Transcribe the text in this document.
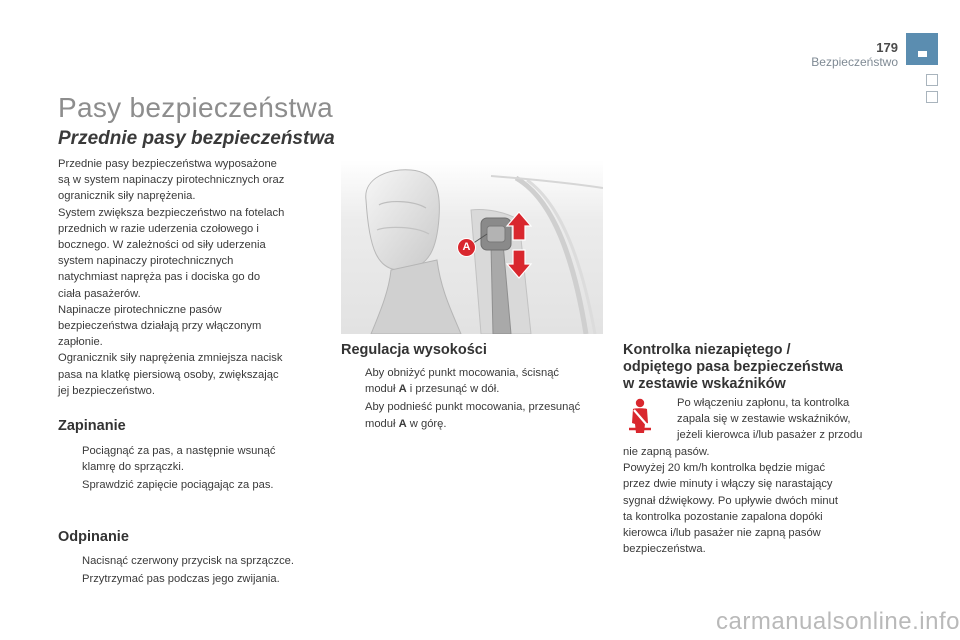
179
Bezpieczeństwo
Pasy bezpieczeństwa
Przednie pasy bezpieczeństwa
Przednie pasy bezpieczeństwa wyposażone
są w system napinaczy pirotechnicznych oraz
ogranicznik siły naprężenia.
System zwiększa bezpieczeństwo na fotelach
przednich w razie uderzenia czołowego i
bocznego. W zależności od siły uderzenia
system napinaczy pirotechnicznych
natychmiast napręża pas i dociska go do
ciała pasażerów.
Napinacze pirotechniczne pasów
bezpieczeństwa działają przy włączonym
zapłonie.
Ogranicznik siły naprężenia zmniejsza nacisk
pasa na klatkę piersiową osoby, zwiększając
jej bezpieczeństwo.
Zapinanie
Pociągnąć za pas, a następnie wsunąć
klamrę do sprzączki.
Sprawdzić zapięcie pociągając za pas.
Odpinanie
Nacisnąć czerwony przycisk na sprzączce.
Przytrzymać pas podczas jego zwijania.
A
Regulacja wysokości
Aby obniżyć punkt mocowania, ścisnąć
moduł A i przesunąć w dół.
Aby podnieść punkt mocowania, przesunąć
moduł A w górę.
Kontrolka niezapiętego /
odpiętego pasa bezpieczeństwa
w zestawie wskaźników
Po włączeniu zapłonu, ta kontrolka
zapala się w zestawie wskaźników,
jeżeli kierowca i/lub pasażer z przodu
nie zapną pasów.
Powyżej 20 km/h kontrolka będzie migać
przez dwie minuty i włączy się narastający
sygnał dźwiękowy. Po upływie dwóch minut
ta kontrolka pozostanie zapalona dopóki
kierowca i/lub pasażer nie zapną pasów
bezpieczeństwa.
carmanualsonline.info
